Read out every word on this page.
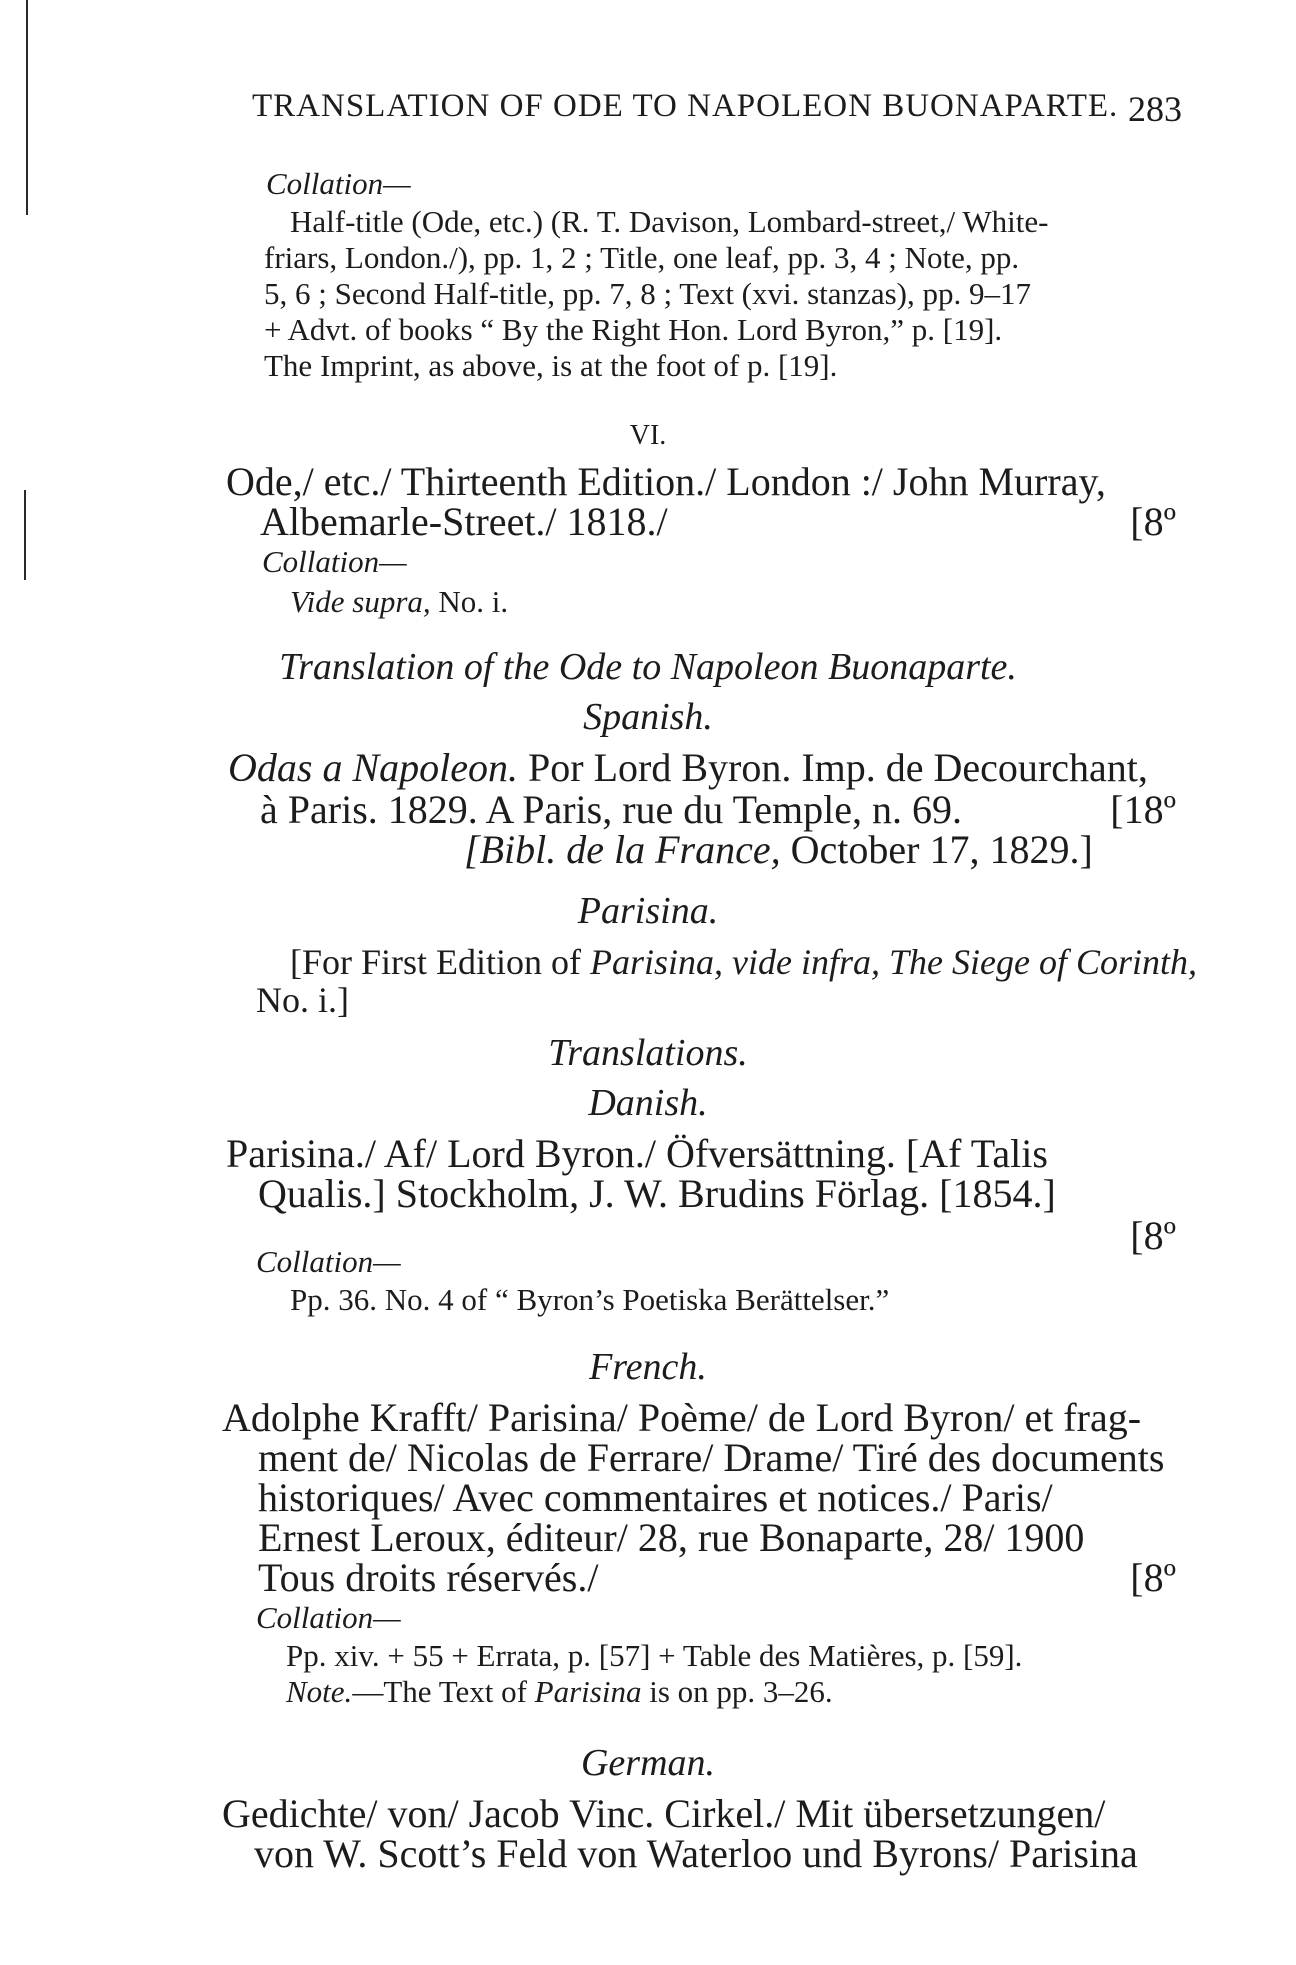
TRANSLATION OF ODE TO NAPOLEON BUONAPARTE. 283
Collation—
Half-title (Ode, etc.) (R. T. Davison, Lombard-street,/ White-
friars, London./), pp. 1, 2 ; Title, one leaf, pp. 3, 4 ; Note, pp.
5, 6 ; Second Half-title, pp. 7, 8 ; Text (xvi. stanzas), pp. 9–17
+ Advt. of books “ By the Right Hon. Lord Byron,” p. [19].
The Imprint, as above, is at the foot of p. [19].
VI.
Ode,/ etc./ Thirteenth Edition./ London :/ John Murray,
Albemarle-Street./ 1818./	[8º
Collation—
Vide supra, No. i.
Translation of the Ode to Napoleon Buonaparte.
Spanish.
Odas a Napoleon. Por Lord Byron. Imp. de Decourchant,
à Paris. 1829. A Paris, rue du Temple, n. 69.	[18º
[Bibl. de la France, October 17, 1829.]
Parisina.
[For First Edition of Parisina, vide infra, The Siege of Corinth,
No. i.]
Translations.
Danish.
Parisina./ Af/ Lord Byron./ Öfversättning. [Af Talis
Qualis.] Stockholm, J. W. Brudins Förlag. [1854.]
[8º
Collation—
Pp. 36. No. 4 of “ Byron’s Poetiska Berättelser.”
French.
Adolphe Krafft/ Parisina/ Poème/ de Lord Byron/ et frag-
ment de/ Nicolas de Ferrare/ Drame/ Tiré des documents
historiques/ Avec commentaires et notices./ Paris/
Ernest Leroux, éditeur/ 28, rue Bonaparte, 28/ 1900
Tous droits réservés./	[8º
Collation—
Pp. xiv. + 55 + Errata, p. [57] + Table des Matières, p. [59].
Note.—The Text of Parisina is on pp. 3–26.
German.
Gedichte/ von/ Jacob Vinc. Cirkel./ Mit übersetzungen/
von W. Scott’s Feld von Waterloo und Byrons/ Parisina
